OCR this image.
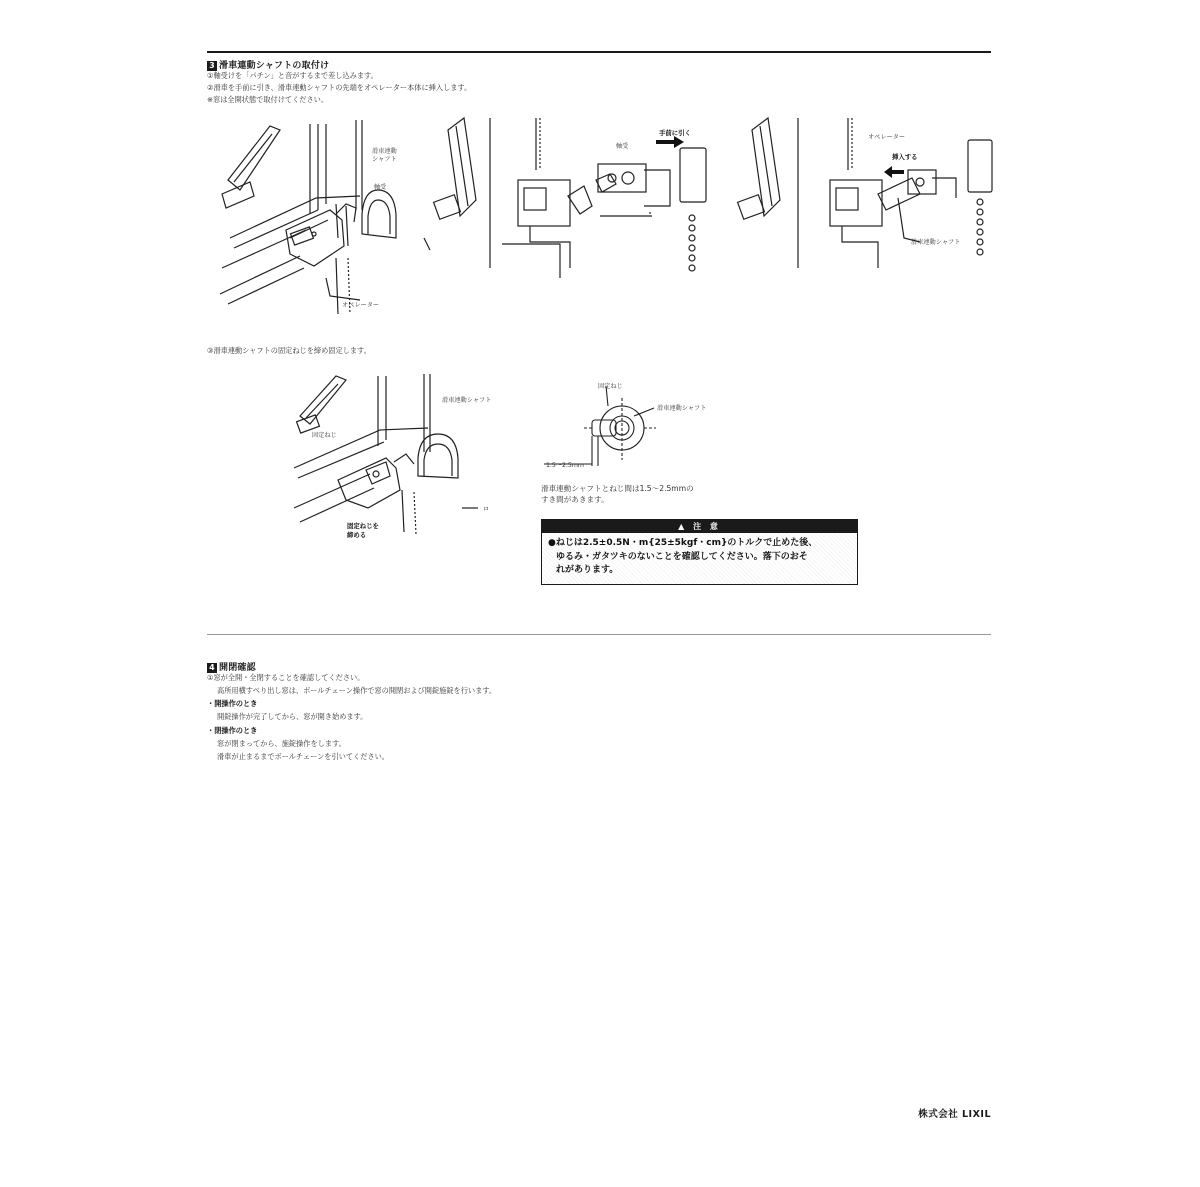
3 滑車連動シャフトの取付け
①軸受けを「パチン」と音がするまで差し込みます。
②滑車を手前に引き、滑車連動シャフトの先端をオペレーター本体に挿入します。
※窓は全開状態で取付けてください。
滑車連動
シャフト
軸受
オペレーター
軸受
手前に引く
オペレーター
挿入する
滑車連動シャフト
③滑車連動シャフトの固定ねじを締め固定します。
滑車連動シャフト
固定ねじ
固定ねじを
締める
ロ
固定ねじ
滑車連動シャフト
1.5～2.5mm
滑車連動シャフトとねじ間は1.5～2.5mmの
すき間があきます。
▲ 注 意
●ねじは2.5±0.5N・m{25±5kgf・cm}のトルクで止めた後、
ゆるみ・ガタツキのないことを確認してください。落下のおそ
れがあります。
4 開閉確認
①窓が全開・全閉することを確認してください。
高所用横すべり出し窓は、ボールチェーン操作で窓の開閉および開錠施錠を行います。
・開操作のとき
開錠操作が完了してから、窓が開き始めます。
・閉操作のとき
窓が閉まってから、施錠操作をします。
滑車が止まるまでボールチェーンを引いてください。
株式会社 LIXIL
